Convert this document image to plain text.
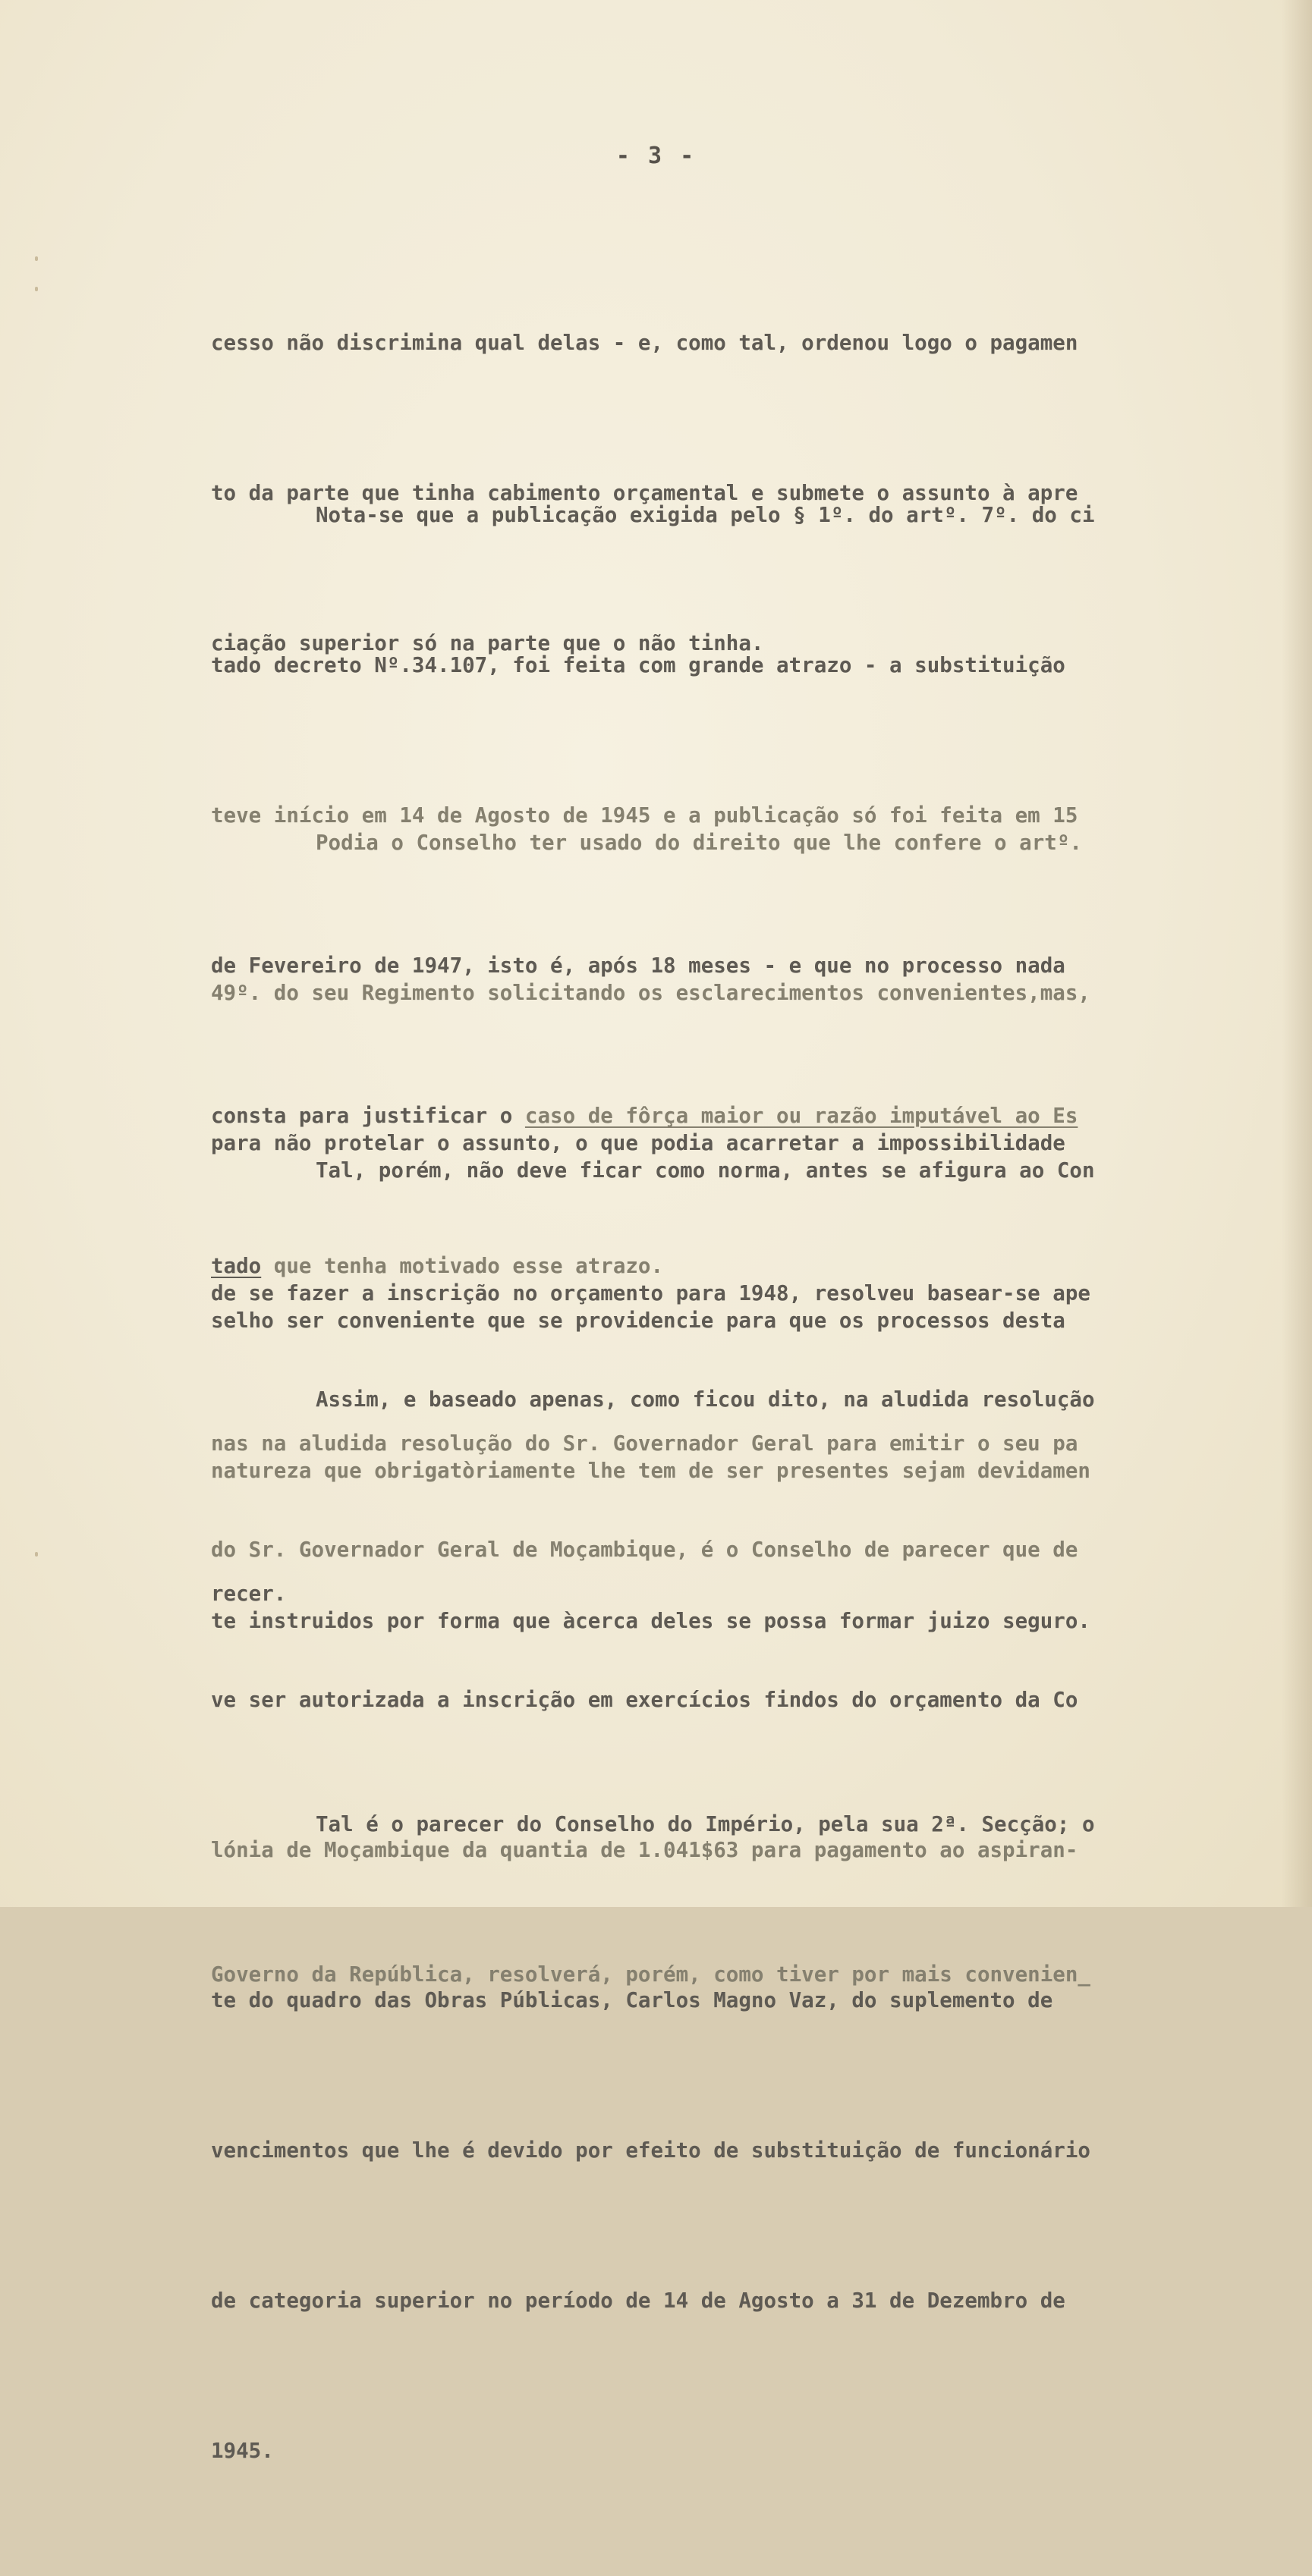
- 3 -

cesso não discrimina qual delas - e, como tal, ordenou logo o pagamen

to da parte que tinha cabimento orçamental e submete o assunto à apre

ciação superior só na parte que o não tinha.

Nota-se que a publicação exigida pelo § 1º. do artº. 7º. do ci

tado decreto Nº.34.107, foi feita com grande atrazo - a substituição

teve início em 14 de Agosto de 1945 e a publicação só foi feita em 15

de Fevereiro de 1947, isto é, após 18 meses - e que no processo nada

consta para justificar o caso de fôrça maior ou razão imputável ao Es

tado que tenha motivado esse atrazo.

Podia o Conselho ter usado do direito que lhe confere o artº.

49º. do seu Regimento solicitando os esclarecimentos convenientes,mas,

para não protelar o assunto, o que podia acarretar a impossibilidade

de se fazer a inscrição no orçamento para 1948, resolveu basear-se ape

nas na aludida resolução do Sr. Governador Geral para emitir o seu pa

recer.

Tal, porém, não deve ficar como norma, antes se afigura ao Con

selho ser conveniente que se providencie para que os processos desta

natureza que obrigatòriamente lhe tem de ser presentes sejam devidamen

te instruidos por forma que àcerca deles se possa formar juizo seguro.

Assim, e baseado apenas, como ficou dito, na aludida resolução

do Sr. Governador Geral de Moçambique, é o Conselho de parecer que de

ve ser autorizada a inscrição em exercícios findos do orçamento da Co

lónia de Moçambique da quantia de 1.041$63 para pagamento ao aspiran-

te do quadro das Obras Públicas, Carlos Magno Vaz, do suplemento de

vencimentos que lhe é devido por efeito de substituição de funcionário

de categoria superior no período de 14 de Agosto a 31 de Dezembro de

1945.

Tal é o parecer do Conselho do Império, pela sua 2ª. Secção; o

Governo da República, resolverá, porém, como tiver por mais convenien_
